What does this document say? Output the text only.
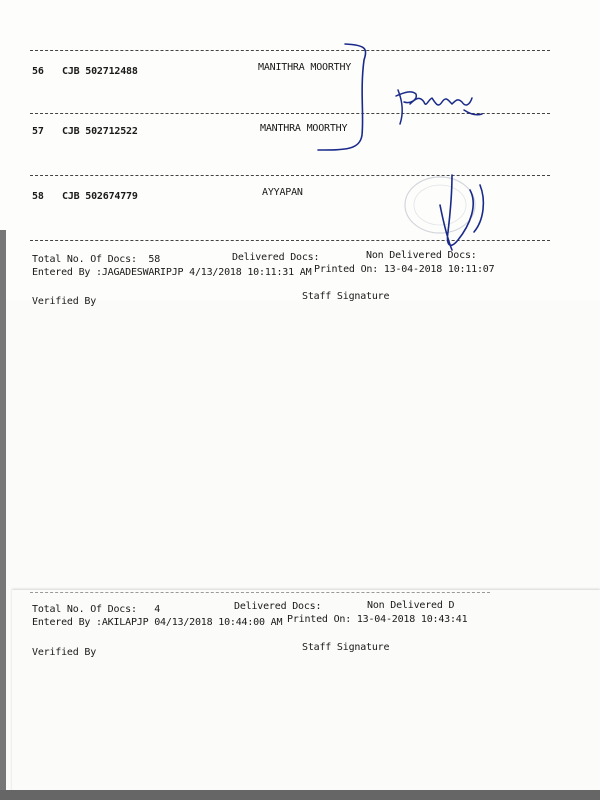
56 CJB 502712488	MANITHRA MOORTHY
57 CJB 502712522	MANTHRA MOORTHY
58 CJB 502674779	AYYAPAN
Total No. Of Docs:  58	Delivered Docs:	Non Delivered Docs:
Entered By :JAGADESWARIPJP 4/13/2018 10:11:31 AM Printed On: 13-04-2018 10:11:07
Verified By	Staff Signature
Total No. Of Docs:   4	Delivered Docs:	Non Delivered D
Entered By :AKILAPJP 04/13/2018 10:44:00 AM Printed On: 13-04-2018 10:43:41
Verified By	Staff Signature
